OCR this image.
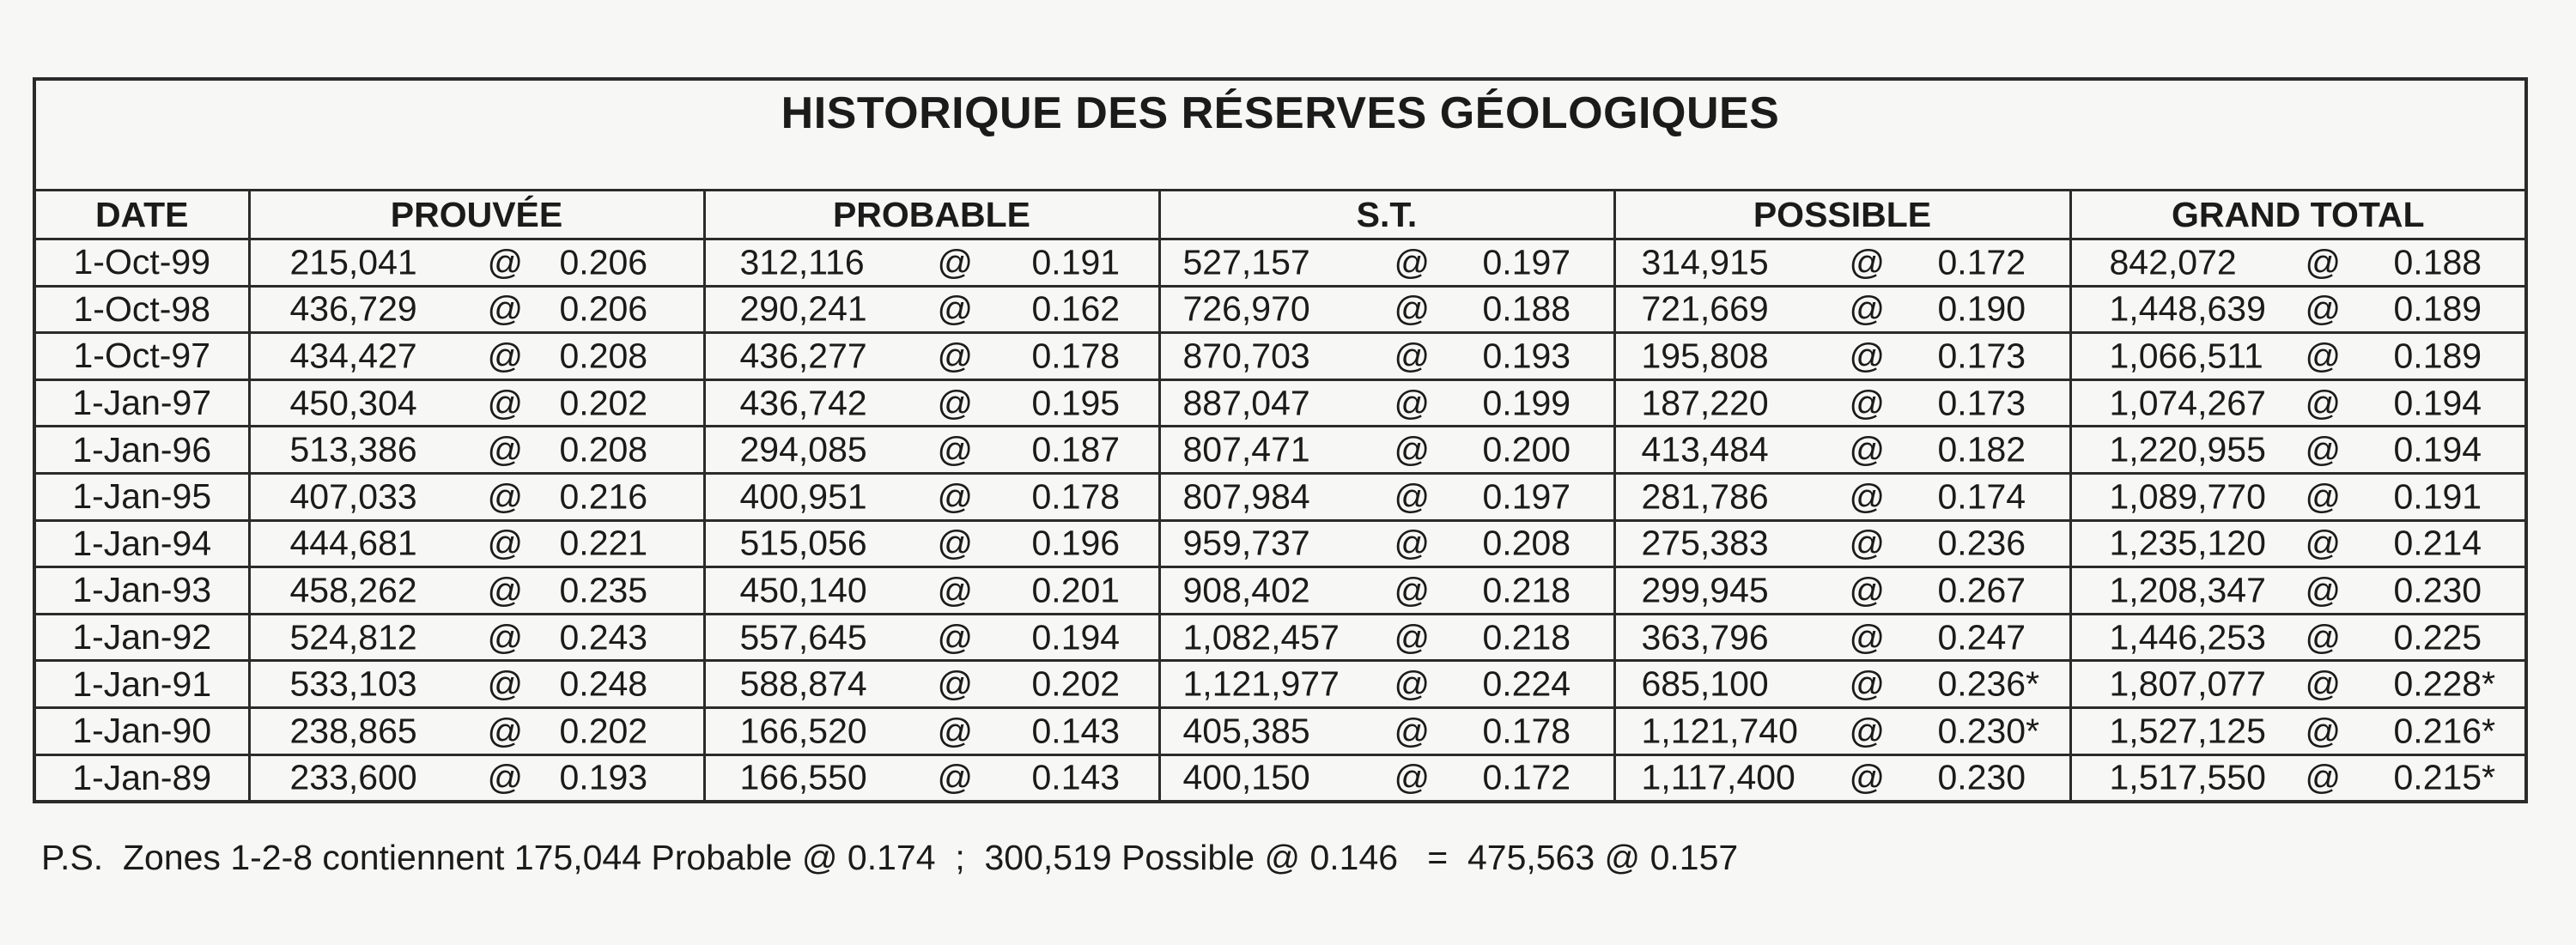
HISTORIQUE DES RÉSERVES GÉOLOGIQUES					
DATE	PROUVÉE	PROBABLE	S.T.	POSSIBLE	GRAND TOTAL
1-Oct-99	215,041 @ 0.206	312,116 @ 0.191	527,157 @ 0.197	314,915 @ 0.172	842,072 @ 0.188

1-Oct-98	436,729 @ 0.206	290,241 @ 0.162	726,970 @ 0.188	721,669 @ 0.190	1,448,639 @ 0.189

1-Oct-97	434,427 @ 0.208	436,277 @ 0.178	870,703 @ 0.193	195,808 @ 0.173	1,066,511 @ 0.189

1-Jan-97	450,304 @ 0.202	436,742 @ 0.195	887,047 @ 0.199	187,220 @ 0.173	1,074,267 @ 0.194

1-Jan-96	513,386 @ 0.208	294,085 @ 0.187	807,471 @ 0.200	413,484 @ 0.182	1,220,955 @ 0.194

1-Jan-95	407,033 @ 0.216	400,951 @ 0.178	807,984 @ 0.197	281,786 @ 0.174	1,089,770 @ 0.191

1-Jan-94	444,681 @ 0.221	515,056 @ 0.196	959,737 @ 0.208	275,383 @ 0.236	1,235,120 @ 0.214

1-Jan-93	458,262 @ 0.235	450,140 @ 0.201	908,402 @ 0.218	299,945 @ 0.267	1,208,347 @ 0.230

1-Jan-92	524,812 @ 0.243	557,645 @ 0.194	1,082,457 @ 0.218	363,796 @ 0.247	1,446,253 @ 0.225

1-Jan-91	533,103 @ 0.248	588,874 @ 0.202	1,121,977 @ 0.224	685,100 @ 0.236*	1,807,077 @ 0.228*

1-Jan-90	238,865 @ 0.202	166,520 @ 0.143	405,385 @ 0.178	1,121,740 @ 0.230*	1,527,125 @ 0.216*

1-Jan-89	233,600 @ 0.193	166,550 @ 0.143	400,150 @ 0.172	1,117,400 @ 0.230	1,517,550 @ 0.215*
P.S.  Zones 1-2-8 contiennent 175,044 Probable @ 0.174  ;  300,519 Possible @ 0.146   =  475,563 @ 0.157
